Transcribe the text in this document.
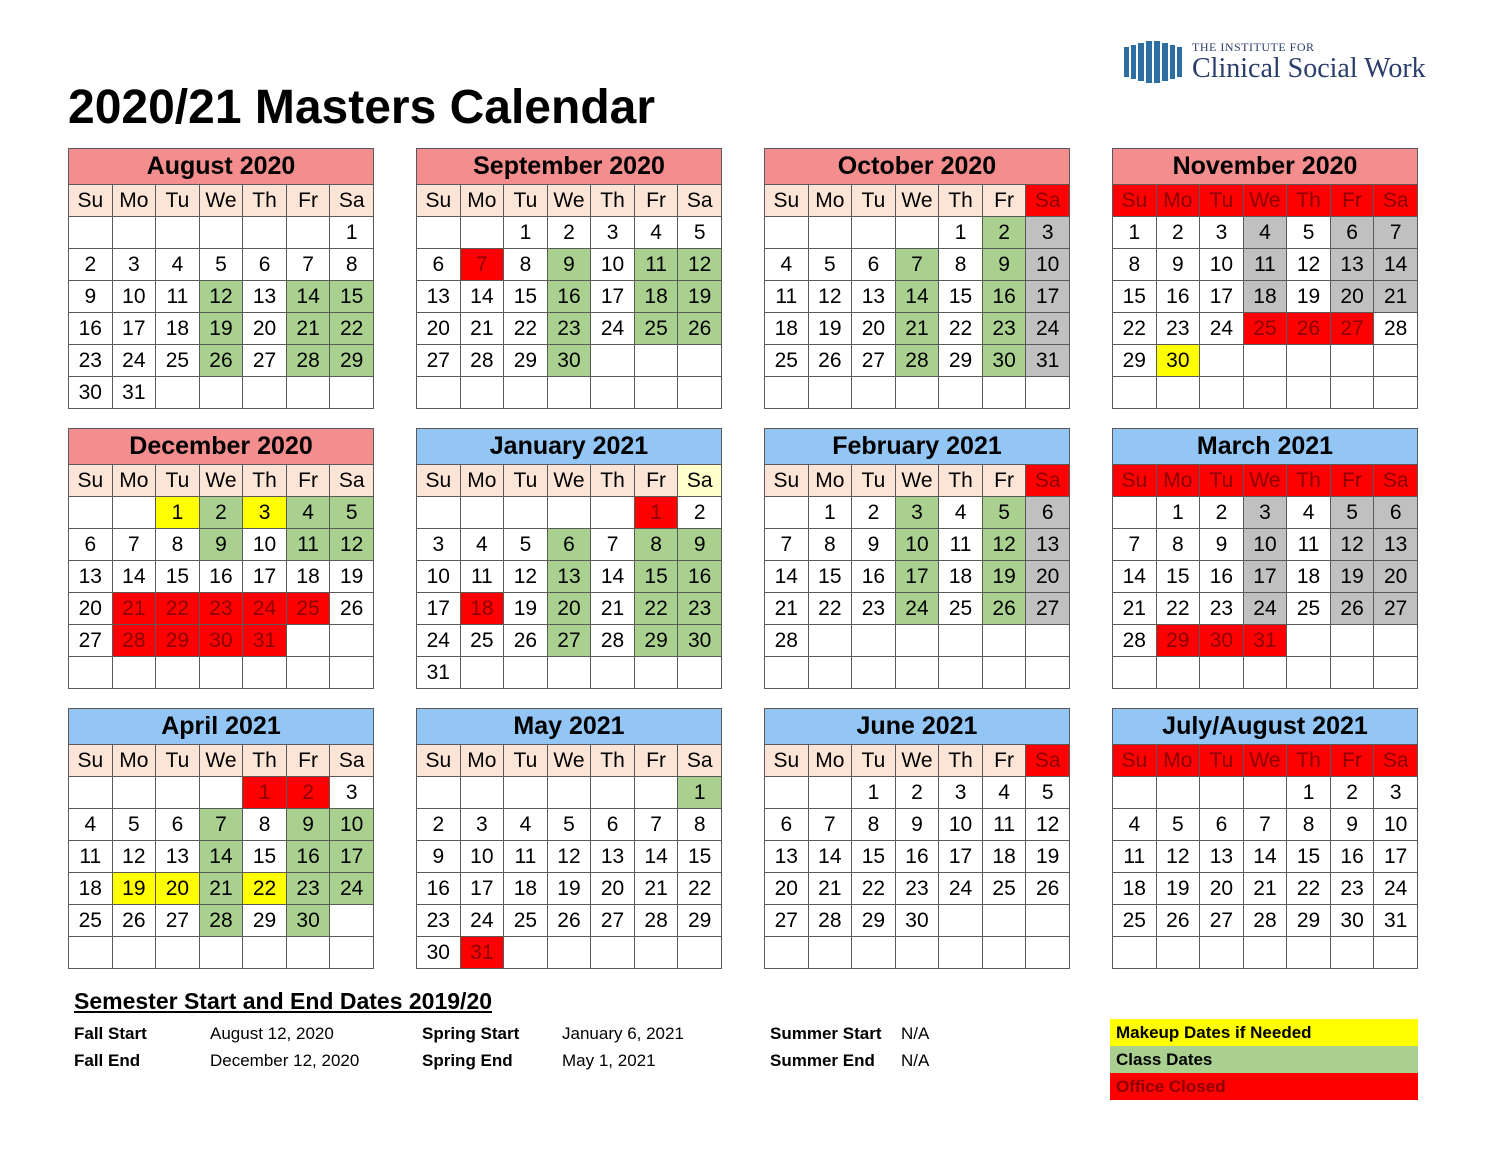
2020/21 Masters Calendar
THE INSTITUTE FOR
Clinical Social Work
August 2020						
Su	Mo	Tu	We	Th	Fr	Sa
						1
2	3	4	5	6	7	8
9	10	11	12	13	14	15
16	17	18	19	20	21	22
23	24	25	26	27	28	29
30	31					
September 2020						
Su	Mo	Tu	We	Th	Fr	Sa
		1	2	3	4	5
6	7	8	9	10	11	12
13	14	15	16	17	18	19
20	21	22	23	24	25	26
27	28	29	30			

October 2020						
Su	Mo	Tu	We	Th	Fr	Sa
				1	2	3
4	5	6	7	8	9	10
11	12	13	14	15	16	17
18	19	20	21	22	23	24
25	26	27	28	29	30	31

November 2020						
Su	Mo	Tu	We	Th	Fr	Sa
1	2	3	4	5	6	7
8	9	10	11	12	13	14
15	16	17	18	19	20	21
22	23	24	25	26	27	28
29	30					

December 2020						
Su	Mo	Tu	We	Th	Fr	Sa
		1	2	3	4	5
6	7	8	9	10	11	12
13	14	15	16	17	18	19
20	21	22	23	24	25	26
27	28	29	30	31		

January 2021						
Su	Mo	Tu	We	Th	Fr	Sa
					1	2
3	4	5	6	7	8	9
10	11	12	13	14	15	16
17	18	19	20	21	22	23
24	25	26	27	28	29	30
31						
February 2021						
Su	Mo	Tu	We	Th	Fr	Sa
	1	2	3	4	5	6
7	8	9	10	11	12	13
14	15	16	17	18	19	20
21	22	23	24	25	26	27
28						

March 2021						
Su	Mo	Tu	We	Th	Fr	Sa
	1	2	3	4	5	6
7	8	9	10	11	12	13
14	15	16	17	18	19	20
21	22	23	24	25	26	27
28	29	30	31			

April 2021						
Su	Mo	Tu	We	Th	Fr	Sa
				1	2	3
4	5	6	7	8	9	10
11	12	13	14	15	16	17
18	19	20	21	22	23	24
25	26	27	28	29	30	

May 2021						
Su	Mo	Tu	We	Th	Fr	Sa
						1
2	3	4	5	6	7	8
9	10	11	12	13	14	15
16	17	18	19	20	21	22
23	24	25	26	27	28	29
30	31					
June 2021						
Su	Mo	Tu	We	Th	Fr	Sa
		1	2	3	4	5
6	7	8	9	10	11	12
13	14	15	16	17	18	19
20	21	22	23	24	25	26
27	28	29	30			

July/August 2021						
Su	Mo	Tu	We	Th	Fr	Sa
				1	2	3
4	5	6	7	8	9	10
11	12	13	14	15	16	17
18	19	20	21	22	23	24
25	26	27	28	29	30	31

Semester Start and End Dates 2019/20
Fall Start	August 12, 2020
Fall End	December 12, 2020
Spring Start	January 6, 2021
Spring End	May 1, 2021
Summer Start N/A
Summer End N/A
Makeup Dates if Needed
Class Dates
Office Closed
